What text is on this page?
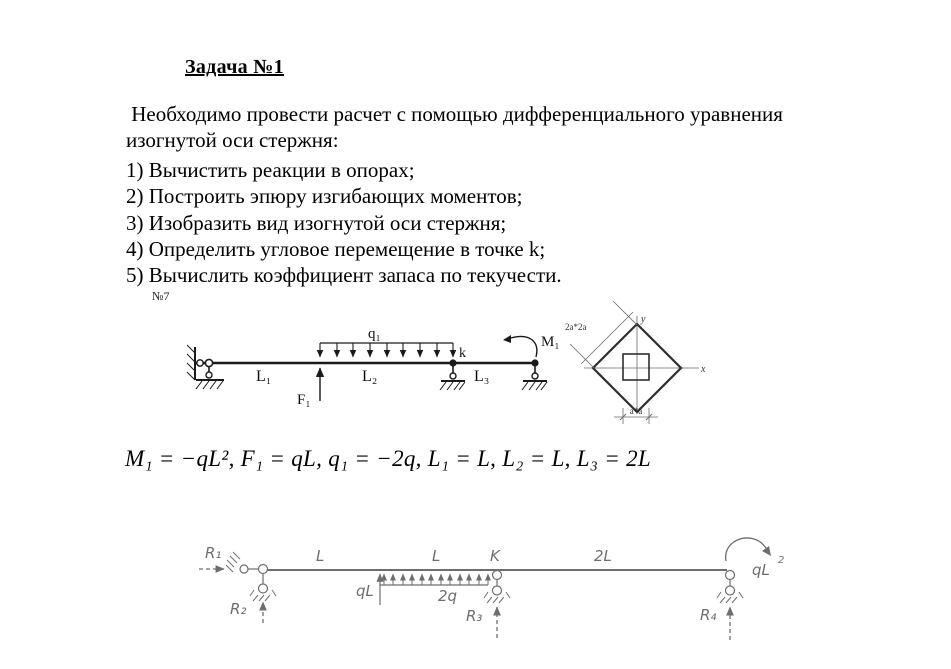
Задача №1
Необходимо провести расчет с помощью дифференциального уравнения
изогнутой оси стержня:
1) Вычистить реакции в опорах;
2) Построить эпюру изгибающих моментов;
3) Изобразить вид изогнутой оси стержня;
4) Определить угловое перемещение в точке k;
5) Вычислить коэффициент запаса по текучести.
№7
q₁
F₁
k
M₁
L₁	L₂	L₃	x
y
2a*2a
a*a
R₁
R₂
L
qL	2q
L	K
R₃
2L
qL
2
R₄
M₁ = −qL², F₁ = qL, q₁ = −2q, L₁ = L, L₂ = L, L₃ = 2L
